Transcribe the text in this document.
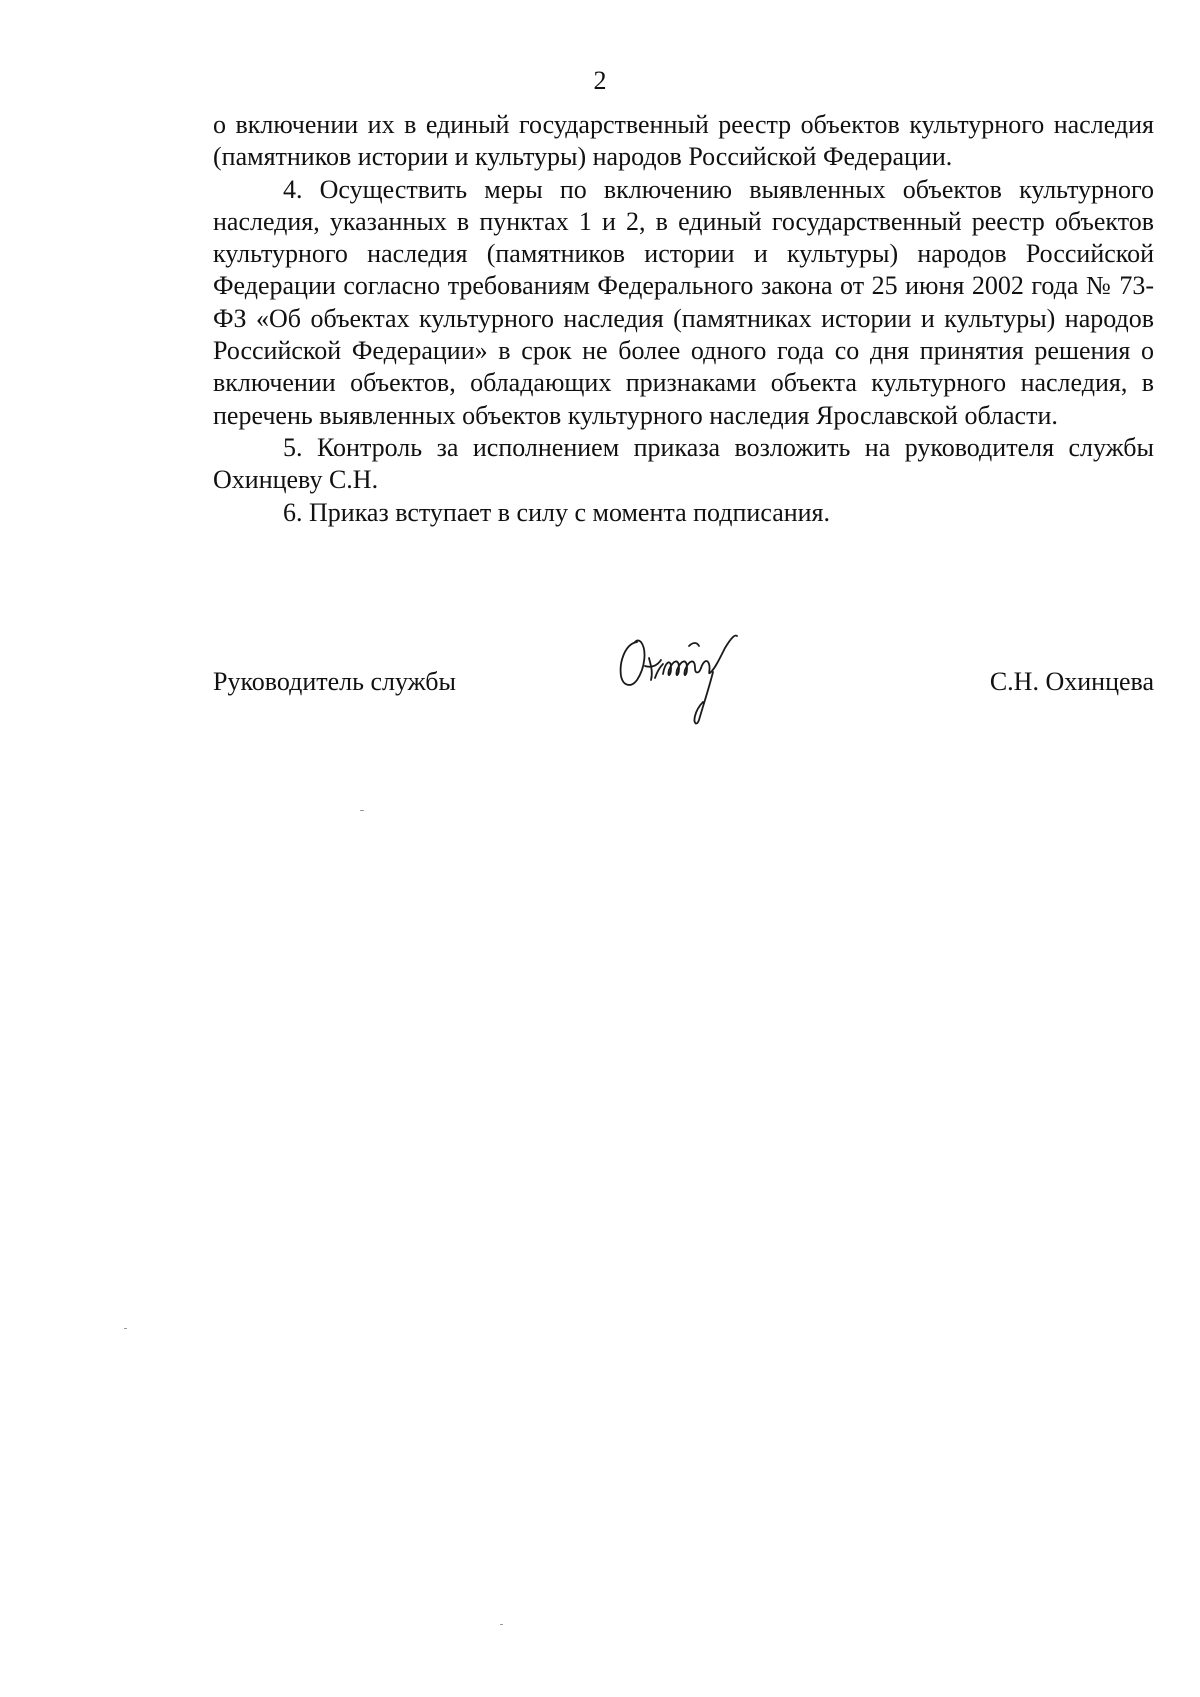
2

о включении их в единый государственный реестр объектов культурного наследия (памятников истории и культуры) народов Российской Федерации.

4. Осуществить меры по включению выявленных объектов культурного наследия, указанных в пунктах 1 и 2, в единый государственный реестр объектов культурного наследия (памятников истории и культуры) народов Российской Федерации согласно требованиям Федерального закона от 25 июня 2002 года № 73-ФЗ «Об объектах культурного наследия (памятниках истории и культуры) народов Российской Федерации» в срок не более одного года со дня принятия решения о включении объектов, обладающих признаками объекта культурного наследия, в перечень выявленных объектов культурного наследия Ярославской области.

5. Контроль за исполнением приказа возложить на руководителя службы Охинцеву С.Н.

6. Приказ вступает в силу с момента подписания.

Руководитель службы	С.Н. Охинцева
